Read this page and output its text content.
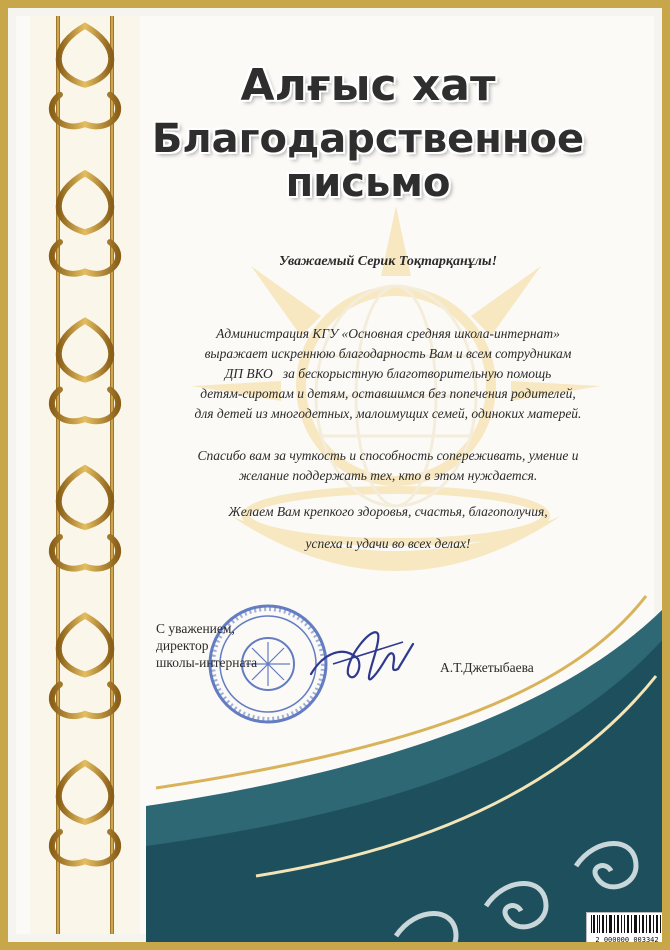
Алғыс хат
Благодарственное
письмо
Уважаемый Серик Тоқтарқанұлы!
Администрация КГУ «Основная средняя школа-интернат»
выражает искреннюю благодарность Вам и всем сотрудникам
ДП ВКО   за бескорыстную благотворительную помощь
детям-сиротам и детям, оставшимся без попечения родителей,
для детей из многодетных, малоимущих семей, одиноких матерей.
Спасибо вам за чуткость и способность сопереживать, умение и
желание поддержать тех, кто в этом нуждается.
Желаем Вам крепкого здоровья, счастья, благополучия,
успеха и удачи во всех делах!
С уважением,
директор
школы-интерната	А.Т.Джетыбаева
2 000000 003342
